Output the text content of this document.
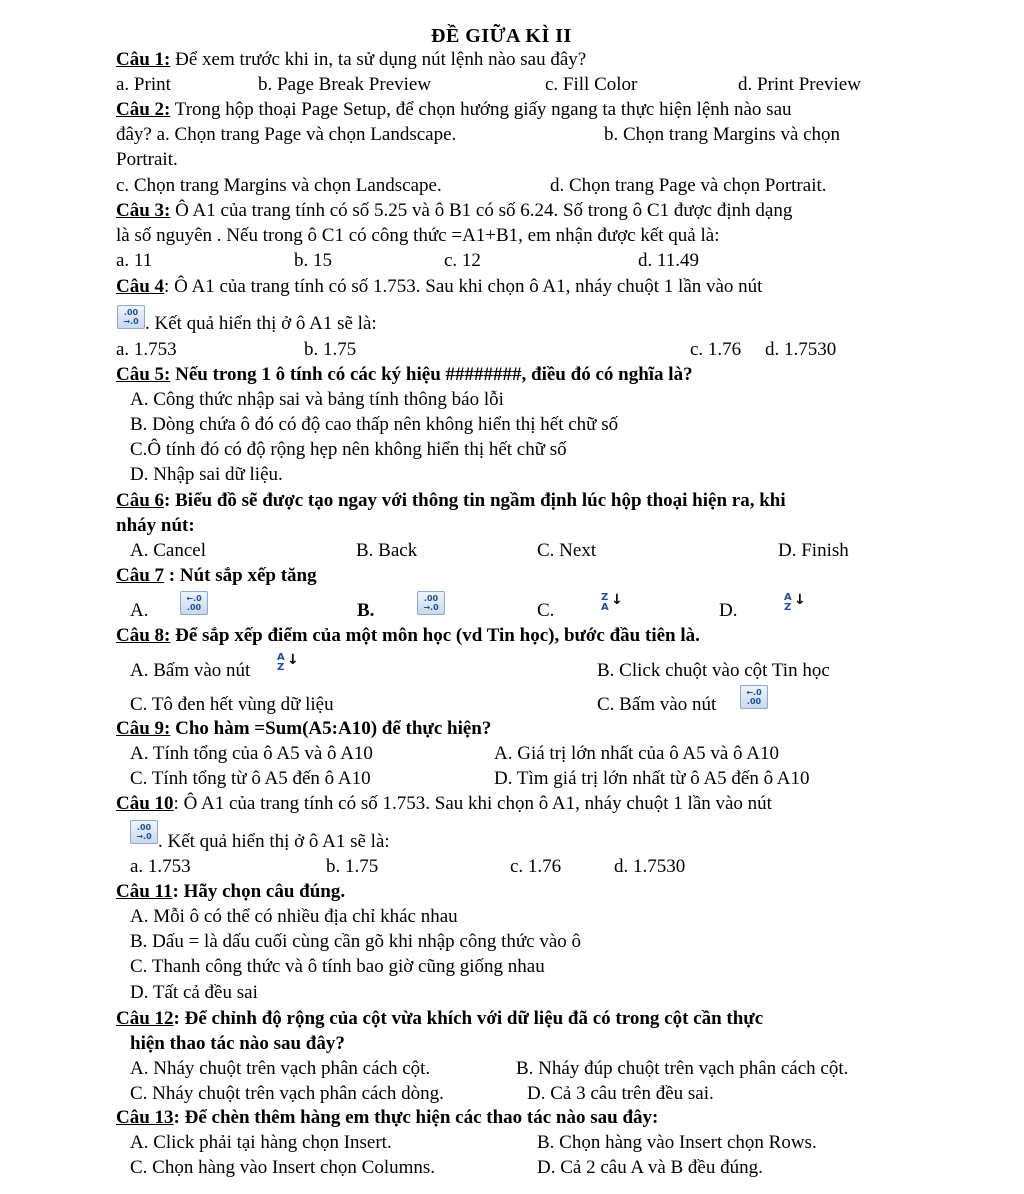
ĐỀ GIỮA KÌ II
Câu 1: Để xem trước khi in, ta sử dụng nút lệnh nào sau đây?
a. Print	b. Page Break Preview	c. Fill Color	d. Print Preview
Câu 2: Trong hộp thoại Page Setup, để chọn hướng giấy ngang ta thực hiện lệnh nào sau
đây? a. Chọn trang Page và chọn Landscape.	b. Chọn trang Margins và chọn
Portrait.
c. Chọn trang Margins và chọn Landscape.	d. Chọn trang Page và chọn Portrait.
Câu 3: Ô A1 của trang tính có số 5.25 và ô B1 có số 6.24. Số trong ô C1 được định dạng
là số nguyên . Nếu trong ô C1 có công thức =A1+B1, em nhận được kết quả là:
a. 11	b. 15	c. 12	d. 11.49
Câu 4: Ô A1 của trang tính có số 1.753. Sau khi chọn ô A1, nháy chuột 1 lần vào nút
.00
→.0 . Kết quả hiển thị ở ô A1 sẽ là:
a. 1.753	b. 1.75	c. 1.76 d. 1.7530
Câu 5: Nếu trong 1 ô tính có các ký hiệu ########, điều đó có nghĩa là?
A. Công thức nhập sai và bảng tính thông báo lỗi
B. Dòng chứa ô đó có độ cao thấp nên không hiển thị hết chữ số
C.Ô tính đó có độ rộng hẹp nên không hiển thị hết chữ số
D. Nhập sai dữ liệu.
Câu 6: Biểu đồ sẽ được tạo ngay với thông tin ngầm định lúc hộp thoại hiện ra, khi
nháy nút:
A. Cancel	B. Back	C. Next	D. Finish
Câu 7 : Nút sắp xếp tăng
A.
←.0
.00	B.
.00
→.0	C.
Z
A ↓	D.
A
Z ↓
Câu 8: Để sắp xếp điểm của một môn học (vd Tin học), bước đầu tiên là.
A. Bấm vào nút
A
Z ↓	B. Click chuột vào cột Tin học
C. Tô đen hết vùng dữ liệu	C. Bấm vào nút
←.0
.00
Câu 9: Cho hàm =Sum(A5:A10) để thực hiện?
A. Tính tổng của ô A5 và ô A10	A. Giá trị lớn nhất của ô A5 và ô A10
C. Tính tổng từ ô A5 đến ô A10	D. Tìm giá trị lớn nhất từ ô A5 đến ô A10
Câu 10: Ô A1 của trang tính có số 1.753. Sau khi chọn ô A1, nháy chuột 1 lần vào nút
.00
→.0 . Kết quả hiển thị ở ô A1 sẽ là:
a. 1.753	b. 1.75	c. 1.76	d. 1.7530
Câu 11: Hãy chọn câu đúng.
A. Mỗi ô có thể có nhiều địa chỉ khác nhau
B. Dấu = là dấu cuối cùng cần gõ khi nhập công thức vào ô
C. Thanh công thức và ô tính bao giờ cũng giống nhau
D. Tất cả đều sai
Câu 12: Để chỉnh độ rộng của cột vừa khích với dữ liệu đã có trong cột cần thực
hiện thao tác nào sau đây?
A. Nháy chuột trên vạch phân cách cột.	B. Nháy đúp chuột trên vạch phân cách cột.
C. Nháy chuột trên vạch phân cách dòng.	D. Cả 3 câu trên đều sai.
Câu 13: Để chèn thêm hàng em thực hiện các thao tác nào sau đây:
A. Click phải tại hàng chọn Insert.	B. Chọn hàng vào Insert chọn Rows.
C. Chọn hàng vào Insert chọn Columns.	D. Cả 2 câu A và B đều đúng.
